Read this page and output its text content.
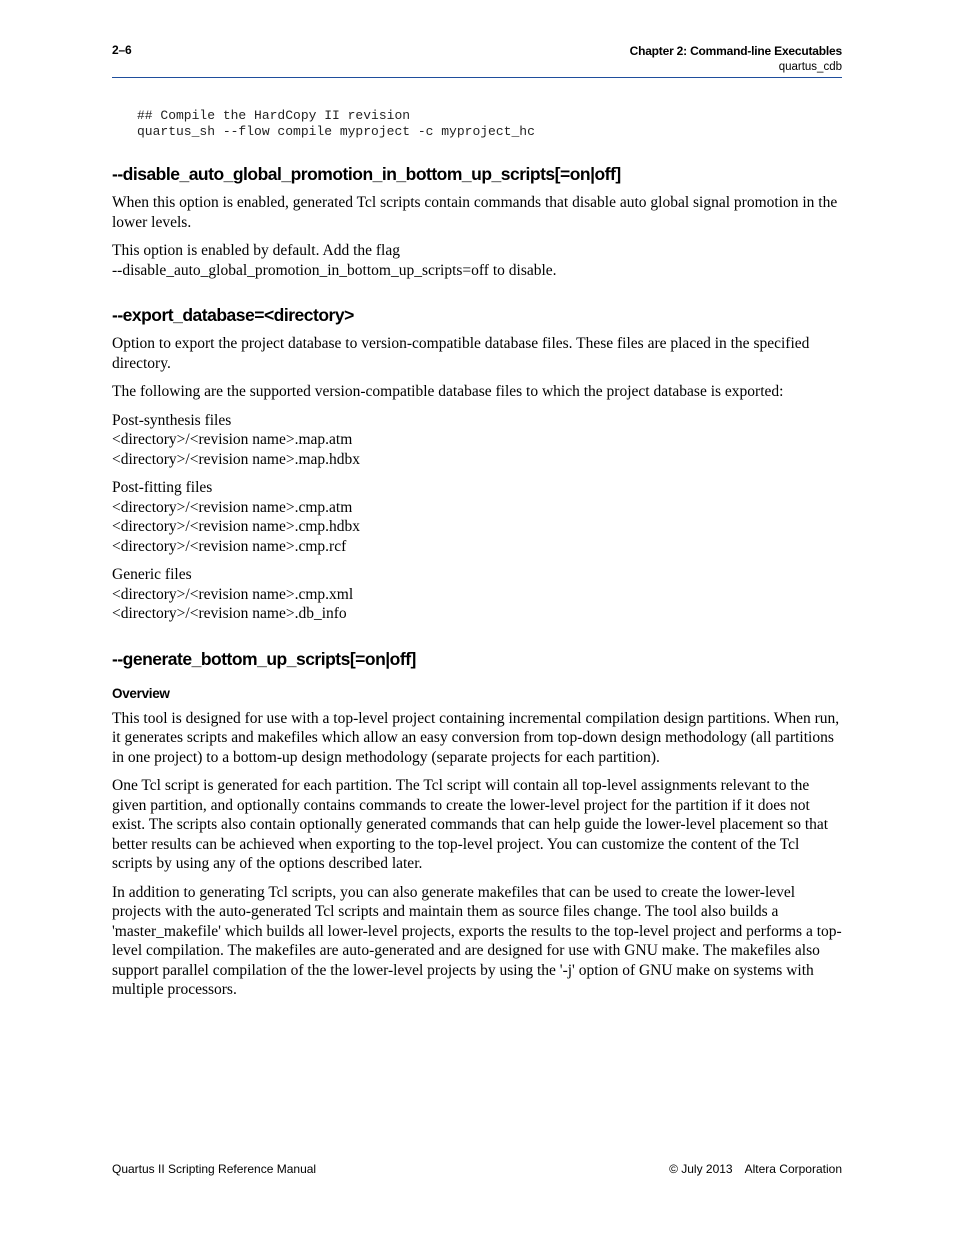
2–6	Chapter 2: Command-line Executables
quartus_cdb
## Compile the HardCopy II revision
quartus_sh --flow compile myproject -c myproject_hc
--disable_auto_global_promotion_in_bottom_up_scripts[=on|off]

When this option is enabled, generated Tcl scripts contain commands that disable auto global signal promotion in the lower levels.

This option is enabled by default. Add the flag
--disable_auto_global_promotion_in_bottom_up_scripts=off to disable.

--export_database=<directory>

Option to export the project database to version-compatible database files. These files are placed in the specified directory.

The following are the supported version-compatible database files to which the project database is exported:

Post-synthesis files
<directory>/<revision name>.map.atm
<directory>/<revision name>.map.hdbx

Post-fitting files
<directory>/<revision name>.cmp.atm
<directory>/<revision name>.cmp.hdbx
<directory>/<revision name>.cmp.rcf

Generic files
<directory>/<revision name>.cmp.xml
<directory>/<revision name>.db_info

--generate_bottom_up_scripts[=on|off]
Overview

This tool is designed for use with a top-level project containing incremental compilation design partitions. When run, it generates scripts and makefiles which allow an easy conversion from top-down design methodology (all partitions in one project) to a bottom-up design methodology (separate projects for each partition).

One Tcl script is generated for each partition. The Tcl script will contain all top-level assignments relevant to the given partition, and optionally contains commands to create the lower-level project for the partition if it does not exist. The scripts also contain optionally generated commands that can help guide the lower-level placement so that better results can be achieved when exporting to the top-level project. You can customize the content of the Tcl scripts by using any of the options described later.

In addition to generating Tcl scripts, you can also generate makefiles that can be used to create the lower-level projects with the auto-generated Tcl scripts and maintain them as source files change. The tool also builds a 'master_makefile' which builds all lower-level projects, exports the results to the top-level project and performs a top-level compilation. The makefiles are auto-generated and are designed for use with GNU make. The makefiles also support parallel compilation of the the lower-level projects by using the '-j' option of GNU make on systems with multiple processors.

Quartus II Scripting Reference Manual	© July 2013 Altera Corporation
